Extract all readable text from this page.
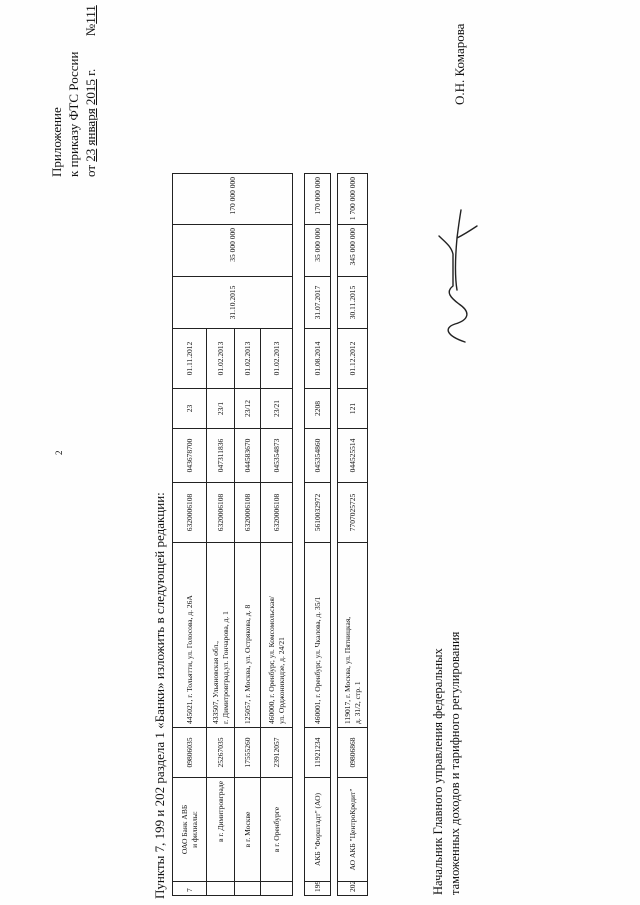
2
Приложение к приказу ФТС России от 23 января 2015 г.  №111
Пункты 7, 199 и 202 раздела 1 «Банки» изложить в следующей редакции: 7	ОАО Банк АВБ
и филиалы:	09806035	445021, г. Тольятти, ул. Голосова, д. 26А	6320006108	043678700	23	01.11.2012	31.10.2015	35 000 000	170 000 000
	в г. Димитровграде	25267035	433507, Ульяновская обл.,
г. Димитровград,ул. Гончарова, д. 1	6320006108	047311836	23/1	01.02.2013			
	в г. Москве	17555260	125057, г. Москва, ул. Острякова, д. 8	6320006108	044583670	23/12	01.02.2013			
	в г. Оренбурге	23912057	460000, г. Оренбург, ул. Комсомольская/
ул. Орджоникидзе, д. 24/21	6320006108	045354873	23/21	01.02.2013			
199	АКБ "Форштадт" (АО)	11921234	460001, г. Оренбург, ул. Чкалова, д. 35/1	5610032972	045354860	2208	01.08.2014	31.07.2017	35 000 000	170 000 000
202	АО АКБ "ЦентроКредит"	09806868	119017, г. Москва, ул. Пятницкая,
д. 31/2, стр. 1	7707025725	044525514	121	01.12.2012	30.11.2015	345 000 000	1 700 000 000
Начальник Главного управления федеральных таможенных доходов и тарифного регулирования
О.Н. Комарова
